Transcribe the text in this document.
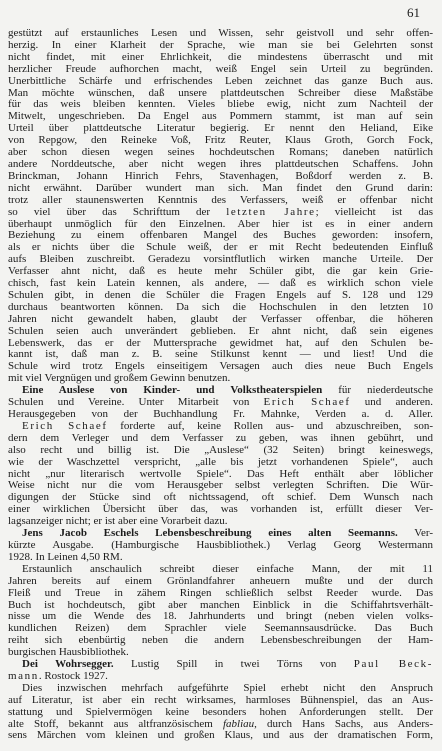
61
gestützt auf erstaunliches Lesen und Wissen, sehr geistvoll und sehr offen-
herzig. In einer Klarheit der Sprache, wie man sie bei Gelehrten sonst
nicht findet, mit einer Ehrlichkeit, die mindestens überrascht und mit
herzlicher Freude aufhorchen macht, weiß Engel sein Urteil zu begründen.
Unerbittliche Schärfe und erfrischendes Leben zeichnet das ganze Buch aus.
Man möchte wünschen, daß unsere plattdeutschen Schreiber diese Maßstäbe
für das weis bleiben kennten. Vieles bliebe ewig, nicht zum Nachteil der
Mitwelt, ungeschrieben. Da Engel aus Pommern stammt, ist man auf sein
Urteil über plattdeutsche Literatur begierig. Er nennt den Heliand, Eike
von Repgow, den Reineke Voß, Fritz Reuter, Klaus Groth, Gorch Fock,
aber schon diesen wegen seines hochdeutschen Romans; daneben natürlich
andere Norddeutsche, aber nicht wegen ihres plattdeutschen Schaffens. John
Brinckman, Johann Hinrich Fehrs, Stavenhagen, Boßdorf werden z. B.
nicht erwähnt. Darüber wundert man sich. Man findet den Grund darin:
trotz aller staunenswerten Kenntnis des Verfassers, weiß er offenbar nicht
so viel über das Schrifttum der letzten Jahre; vielleicht ist das
überhaupt unmöglich für den Einzelnen. Aber hier ist es in einer andern
Beziehung zu einem offenbaren Mangel des Buches geworden: insofern,
als er nichts über die Schule weiß, der er mit Recht bedeutenden Einfluß
aufs Bleiben zuschreibt. Geradezu vorsintflutlich wirken manche Urteile. Der
Verfasser ahnt nicht, daß es heute mehr Schüler gibt, die gar kein Grie-
chisch, fast kein Latein kennen, als andere, — daß es wirklich schon viele
Schulen gibt, in denen die Schüler die Fragen Engels auf S. 128 und 129
durchaus beantworten können. Da sich die Hochschulen in den letzten 10
Jahren nicht gewandelt haben, glaubt der Verfasser offenbar, die höheren
Schulen seien auch unverändert geblieben. Er ahnt nicht, daß sein eigenes
Lebenswerk, das er der Muttersprache gewidmet hat, auf den Schulen be-
kannt ist, daß man z. B. seine Stilkunst kennt — und liest! Und die
Schule wird trotz Engels einseitigem Versagen auch dies neue Buch Engels
mit viel Vergnügen und großem Gewinn benutzen.
Eine Auslese von Kinder- und Volkstheaterspielen für niederdeutsche
Schulen und Vereine. Unter Mitarbeit von Erich Schaef und anderen.
Herausgegeben von der Buchhandlung Fr. Mahnke, Verden a. d. Aller.
Erich Schaef forderte auf, keine Rollen aus- und abzuschreiben, son-
dern dem Verleger und dem Verfasser zu geben, was ihnen gebührt, und
also recht und billig ist. Die „Auslese“ (32 Seiten) bringt keineswegs,
wie der Waschzettel verspricht, „alle bis jetzt vorhandenen Spiele“, auch
nicht „nur literarisch wertvolle Spiele“. Das Heft enthält aber löblicher
Weise nicht nur die vom Herausgeber selbst verlegten Schriften. Die Wür-
digungen der Stücke sind oft nichtssagend, oft schief. Dem Wunsch nach
einer wirklichen Übersicht über das, was vorhanden ist, erfüllt dieser Ver-
lagsanzeiger nicht; er ist aber eine Vorarbeit dazu.
Jens Jacob Eschels Lebensbeschreibung eines alten Seemanns. Ver-
kürzte Ausgabe. (Hamburgische Hausbibliothek.) Verlag Georg Westermann
1928. In Leinen 4,50 RM.
Erstaunlich anschaulich schreibt dieser einfache Mann, der mit 11
Jahren bereits auf einem Grönlandfahrer anheuern mußte und der durch
Fleiß und Treue in zähem Ringen schließlich selbst Reeder wurde. Das
Buch ist hochdeutsch, gibt aber manchen Einblick in die Schiffahrtsverhält-
nisse um die Wende des 18. Jahrhunderts und bringt (neben vielen volks-
kundlichen Reizen) dem Sprachler viele Seemannsausdrücke. Das Buch
reiht sich ebenbürtig neben die andern Lebensbeschreibungen der Ham-
burgischen Hausbibliothek.
Dei Wohrsegger. Lustig Spill in twei Törns von Paul Beck-
mann. Rostock 1927.
Dies inzwischen mehrfach aufgeführte Spiel erhebt nicht den Anspruch
auf Literatur, ist aber ein recht wirksames, harmloses Bühnenspiel, das an Aus-
stattung und Spielvermögen keine besonders hohen Anforderungen stellt. Der
alte Stoff, bekannt aus altfranzösischem fabliau, durch Hans Sachs, aus Anders-
sens Märchen vom kleinen und großen Klaus, und aus der dramatischen Form,
